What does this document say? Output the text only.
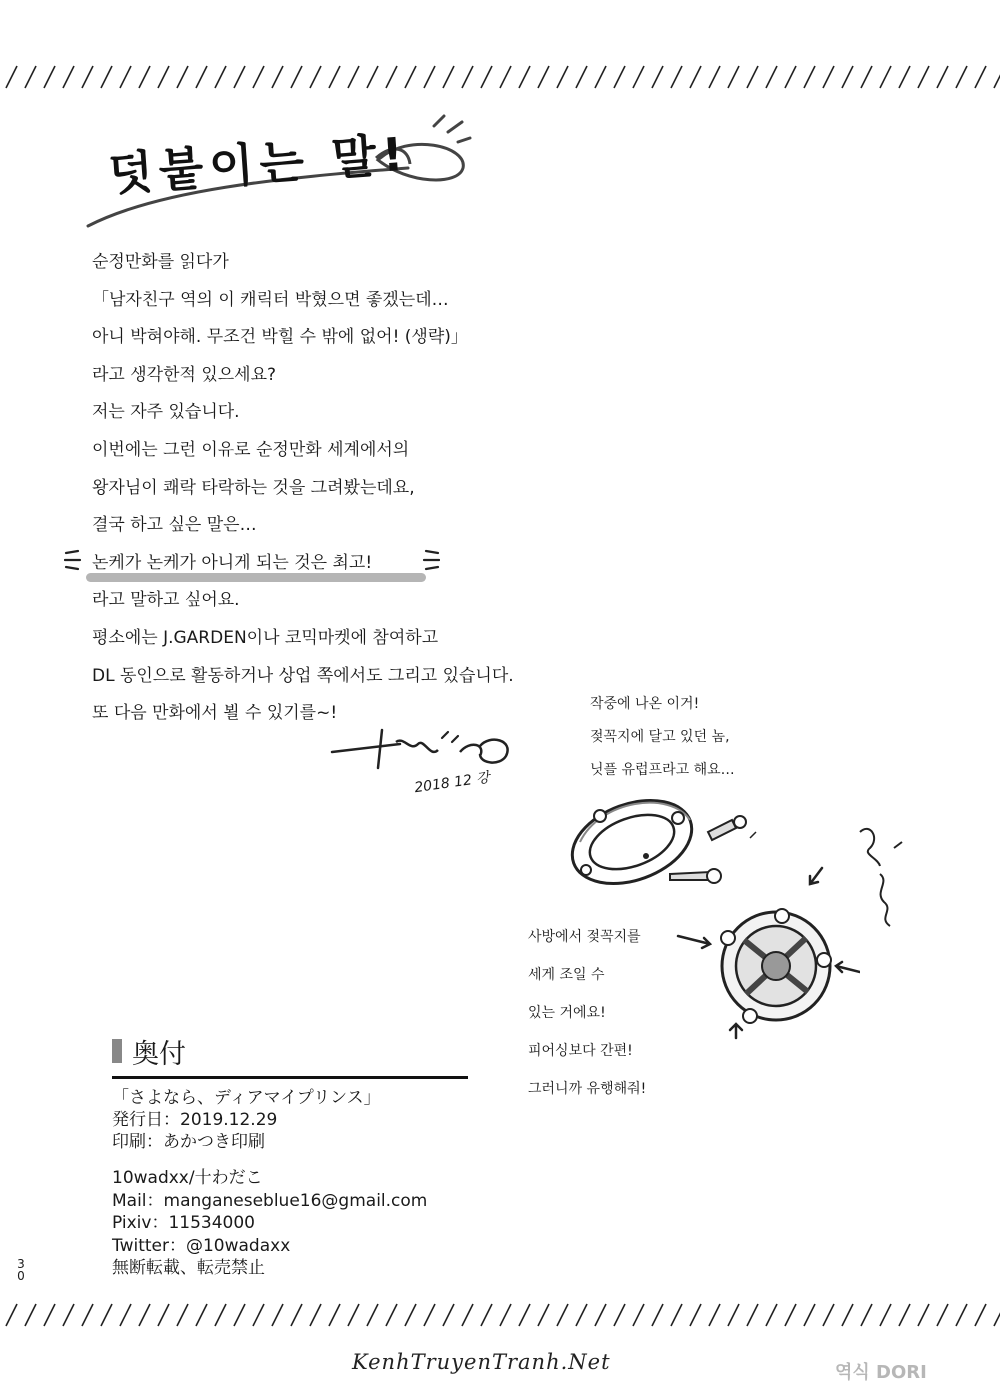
덧붙이는 말!
순정만화를 읽다가
「남자친구 역의 이 캐릭터 박혔으면 좋겠는데…
아니 박혀야해. 무조건 박힐 수 밖에 없어! (생략)」
라고 생각한적 있으세요?
저는 자주 있습니다.
이번에는 그런 이유로 순정만화 세계에서의
왕자님이 쾌락 타락하는 것을 그려봤는데요,
결국 하고 싶은 말은…
논케가 논케가 아니게 되는 것은 최고!
라고 말하고 싶어요.
평소에는 J.GARDEN이나 코믹마켓에 참여하고
DL 동인으로 활동하거나 상업 쪽에서도 그리고 있습니다.
또 다음 만화에서 뵐 수 있기를~!
2018 12 강
작중에 나온 이거!
젖꼭지에 달고 있던 놈,
닛플 유럽프라고 해요…
사방에서 젖꼭지를
세게 조일 수
있는 거에요!
피어싱보다 간편!
그러니까 유행해줘!
奥付
「さよなら、ディアマイプリンス」
発行日：2019.12.29
印刷：あかつき印刷
10wadxx/十わだこ
Mail：manganeseblue16@gmail.com
Pixiv：11534000
Twitter：@10wadaxx
無断転載、転売禁止
3
0
KenhTruyenTranh.Net	역식 DORI
